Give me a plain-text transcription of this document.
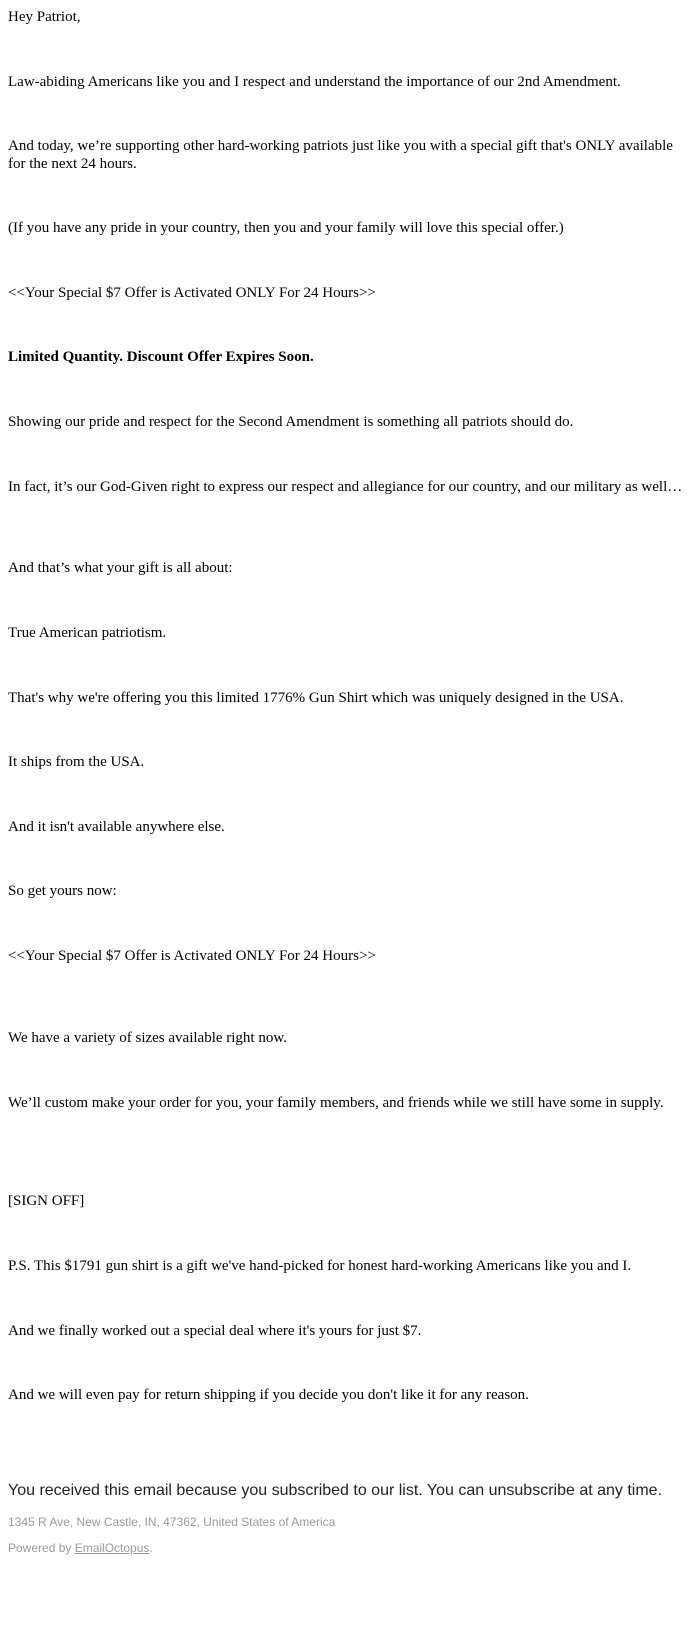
Hey Patriot,

Law-abiding Americans like you and I respect and understand the importance of our 2nd Amendment.

And today, we’re supporting other hard-working patriots just like you with a special gift that's ONLY available for the next 24 hours.

(If you have any pride in your country, then you and your family will love this special offer.)

<<Your Special $7 Offer is Activated ONLY For 24 Hours>>

Limited Quantity. Discount Offer Expires Soon.

Showing our pride and respect for the Second Amendment is something all patriots should do.

In fact, it’s our God-Given right to express our respect and allegiance for our country, and our military as well…

And that’s what your gift is all about:

True American patriotism.

That's why we're offering you this limited 1776% Gun Shirt which was uniquely designed in the USA.

It ships from the USA.

And it isn't available anywhere else.

So get yours now:

<<Your Special $7 Offer is Activated ONLY For 24 Hours>>

We have a variety of sizes available right now.

We’ll custom make your order for you, your family members, and friends while we still have some in supply.

[SIGN OFF]

P.S. This $1791 gun shirt is a gift we've hand-picked for honest hard-working Americans like you and I.

And we finally worked out a special deal where it's yours for just $7.

And we will even pay for return shipping if you decide you don't like it for any reason.

You received this email because you subscribed to our list. You can unsubscribe at any time.
1345 R Ave, New Castle, IN, 47362, United States of America
Powered by EmailOctopus.
